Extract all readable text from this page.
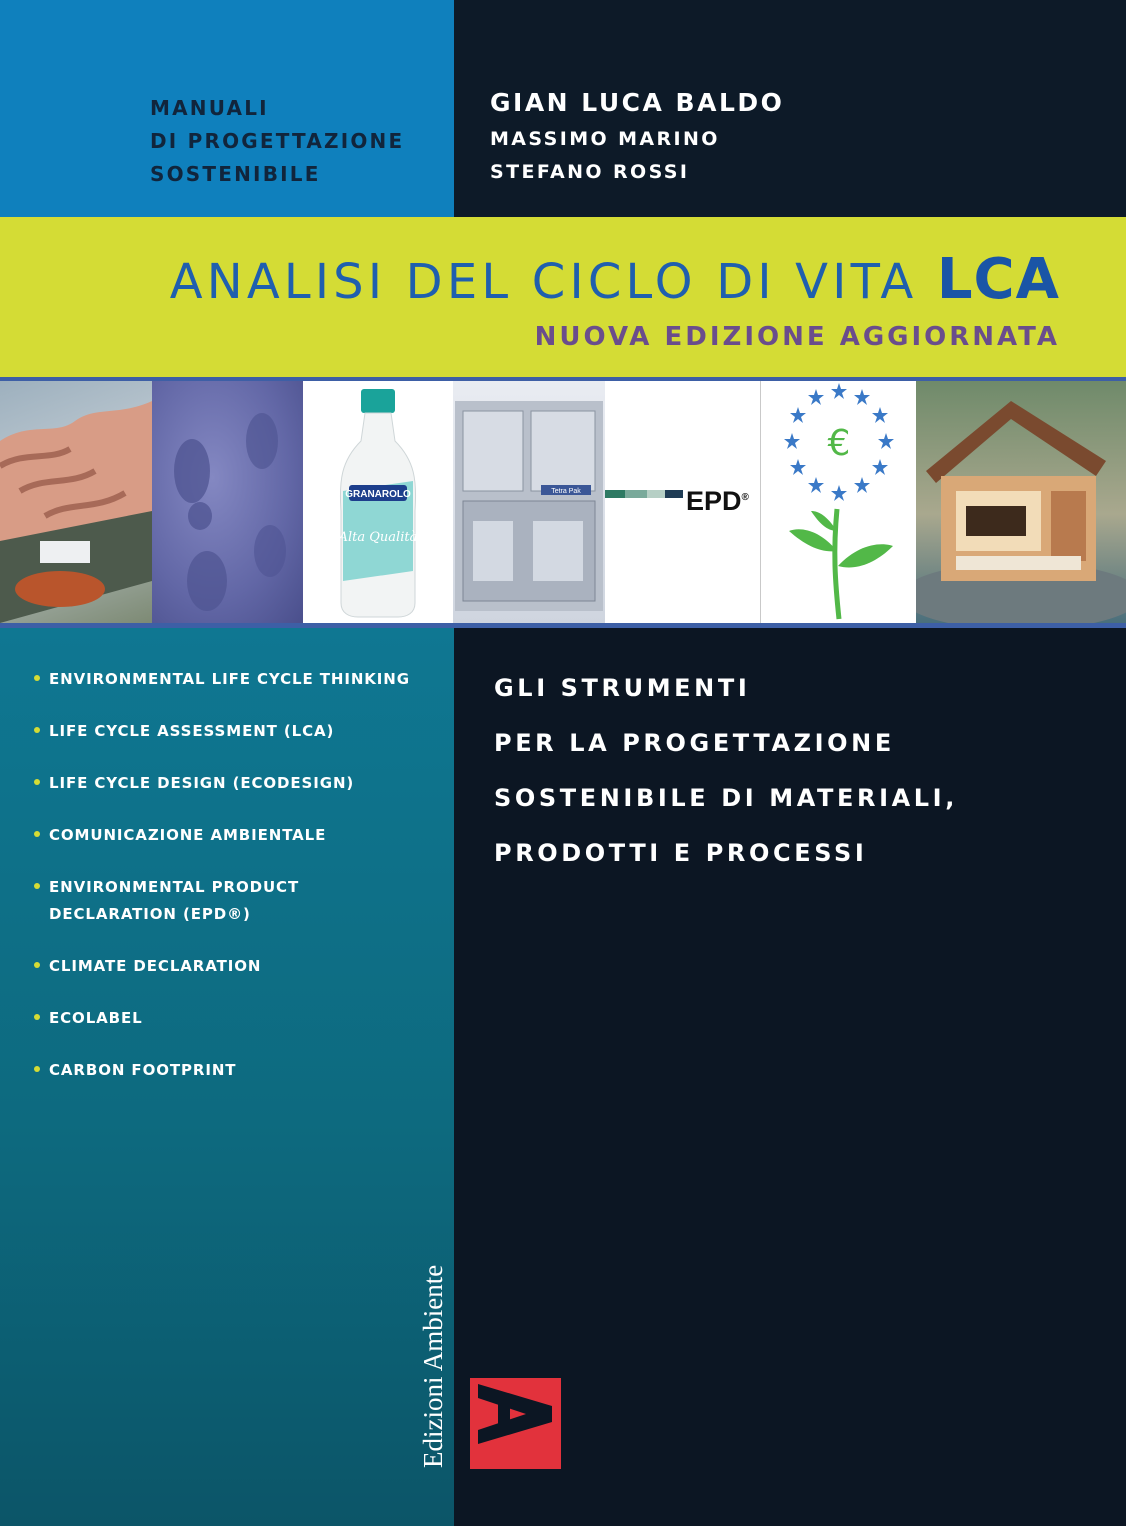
MANUALI
DI PROGETTAZIONE
SOSTENIBILE

GIAN LUCA BALDO
MASSIMO MARINO
STEFANO ROSSI
ANALISI DEL CICLO DI VITA LCA
NUOVA EDIZIONE AGGIORNATA
GRANAROLO
Alta Qualità
Tetra Pak	EPD®
€
ENVIRONMENTAL LIFE CYCLE THINKING
LIFE CYCLE ASSESSMENT (LCA)
LIFE CYCLE DESIGN (ECODESIGN)
COMUNICAZIONE AMBIENTALE
ENVIRONMENTAL PRODUCT
DECLARATION (EPD®)
CLIMATE DECLARATION
ECOLABEL
CARBON FOOTPRINT

GLI STRUMENTI
PER LA PROGETTAZIONE
SOSTENIBILE DI MATERIALI,
PRODOTTI E PROCESSI

Edizioni Ambiente
